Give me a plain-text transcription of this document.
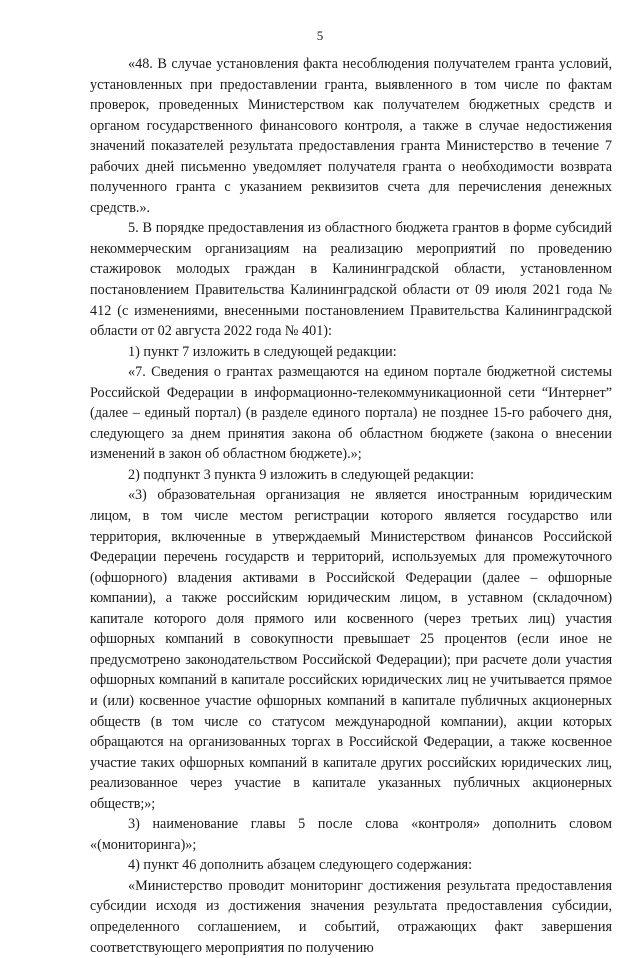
5

«48. В случае установления факта несоблюдения получателем гранта условий, установленных при предоставлении гранта, выявленного в том числе по фактам проверок, проведенных Министерством как получателем бюджетных средств и органом государственного финансового контроля, а также в случае недостижения значений показателей результата предоставления гранта Министерство в течение 7 рабочих дней письменно уведомляет получателя гранта о необходимости возврата полученного гранта с указанием реквизитов счета для перечисления денежных средств.».

5. В порядке предоставления из областного бюджета грантов в форме субсидий некоммерческим организациям на реализацию мероприятий по проведению стажировок молодых граждан в Калининградской области, установленном постановлением Правительства Калининградской области от 09 июля 2021 года № 412 (с изменениями, внесенными постановлением Правительства Калининградской области от 02 августа 2022 года № 401):

1) пункт 7 изложить в следующей редакции:

«7. Сведения о грантах размещаются на едином портале бюджетной системы Российской Федерации в информационно-телекоммуникационной сети “Интернет” (далее – единый портал) (в разделе единого портала) не позднее 15-го рабочего дня, следующего за днем принятия закона об областном бюджете (закона о внесении изменений в закон об областном бюджете).»;

2) подпункт 3 пункта 9 изложить в следующей редакции:

«3) образовательная организация не является иностранным юридическим лицом, в том числе местом регистрации которого является государство или территория, включенные в утверждаемый Министерством финансов Российской Федерации перечень государств и территорий, используемых для промежуточного (офшорного) владения активами в Российской Федерации (далее – офшорные компании), а также российским юридическим лицом, в уставном (складочном) капитале которого доля прямого или косвенного (через третьих лиц) участия офшорных компаний в совокупности превышает 25 процентов (если иное не предусмотрено законодательством Российской Федерации); при расчете доли участия офшорных компаний в капитале российских юридических лиц не учитывается прямое и (или) косвенное участие офшорных компаний в капитале публичных акционерных обществ (в том числе со статусом международной компании), акции которых обращаются на организованных торгах в Российской Федерации, а также косвенное участие таких офшорных компаний в капитале других российских юридических лиц, реализованное через участие в капитале указанных публичных акционерных обществ;»;

3) наименование главы 5 после слова «контроля» дополнить словом «(мониторинга)»;

4) пункт 46 дополнить абзацем следующего содержания:

«Министерство проводит мониторинг достижения результата предоставления субсидии исходя из достижения значения результата предоставления субсидии, определенного соглашением, и событий, отражающих факт завершения соответствующего мероприятия по получению
